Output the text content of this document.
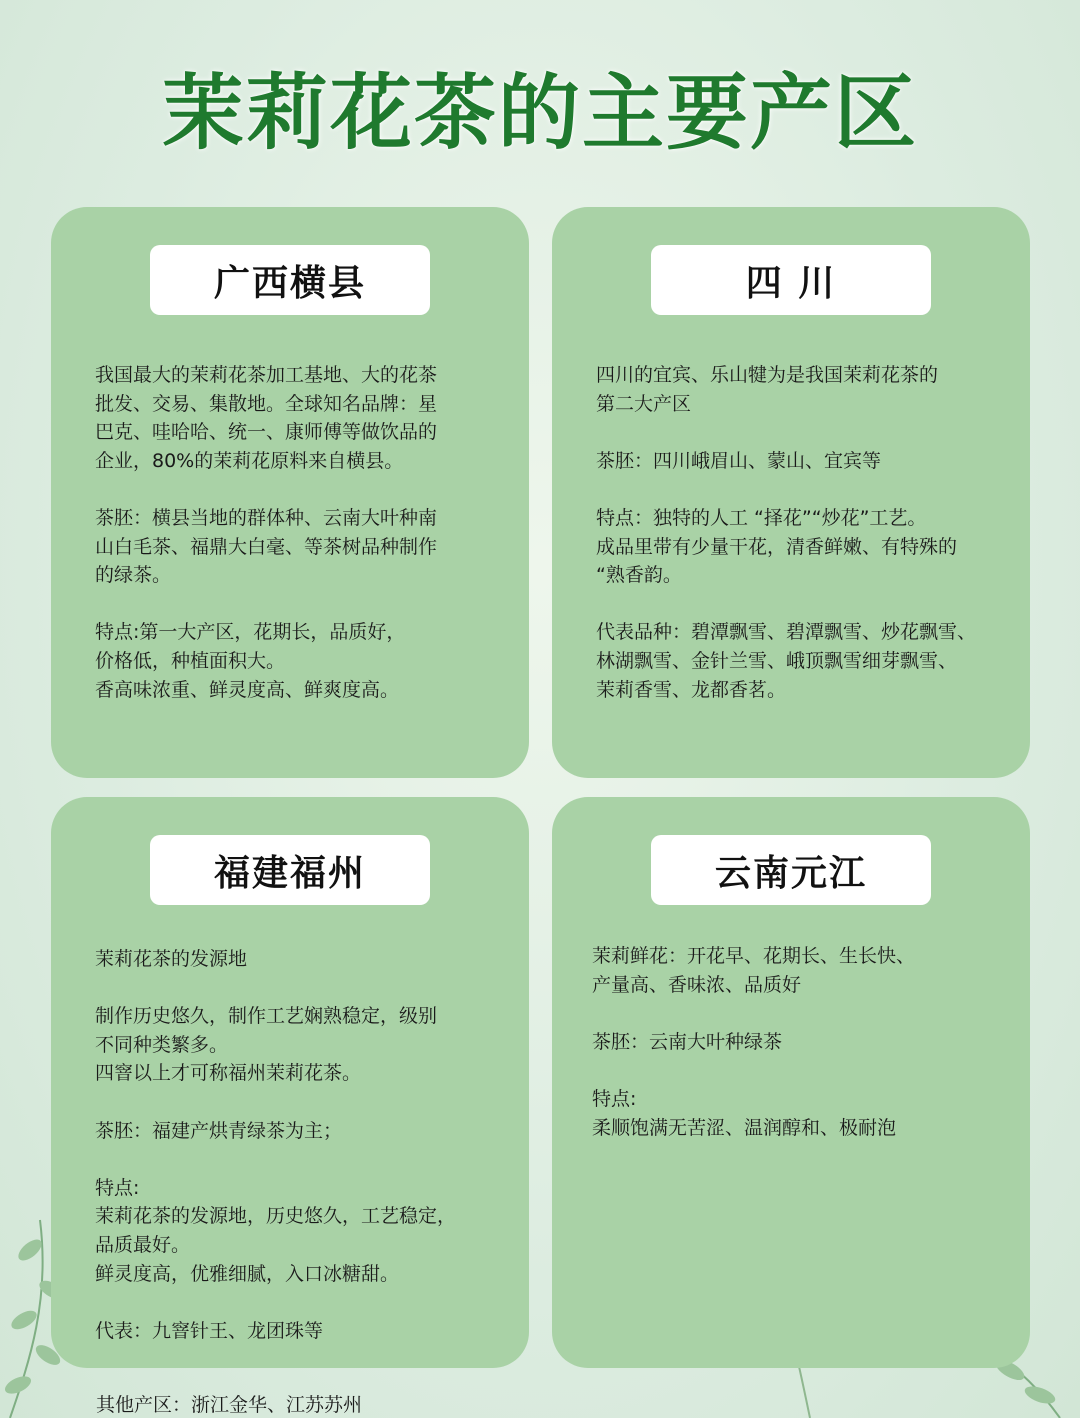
茉莉花茶的主要产区
广西横县
我国最大的茉莉花茶加工基地、大的花茶
批发、交易、集散地。全球知名品牌：星
巴克、哇哈哈、统一、康师傅等做饮品的
企业，80%的茉莉花原料来自横县。
茶胚：横县当地的群体种、云南大叶种南
山白毛茶、福鼎大白毫、等茶树品种制作
的绿茶。
特点:第一大产区，花期长，品质好，
价格低，种植面积大。
香高味浓重、鲜灵度高、鲜爽度高。
四 川
四川的宜宾、乐山犍为是我国茉莉花茶的
第二大产区
茶胚：四川峨眉山、蒙山、宜宾等
特点：独特的人工 “择花”“炒花”工艺。
成品里带有少量干花，清香鲜嫩、有特殊的
“熟香韵。
代表品种：碧潭飘雪、碧潭飘雪、炒花飘雪、
林湖飘雪、金针兰雪、峨顶飘雪细芽飘雪、
茉莉香雪、龙都香茗。
福建福州
茉莉花茶的发源地
制作历史悠久，制作工艺娴熟稳定，级别
不同种类繁多。
四窨以上才可称福州茉莉花茶。
茶胚：福建产烘青绿茶为主；
特点:
茉莉花茶的发源地，历史悠久，工艺稳定，
品质最好。
鲜灵度高，优雅细腻，入口冰糖甜。
代表：九窨针王、龙团珠等
云南元江
茉莉鲜花：开花早、花期长、生长快、
产量高、香味浓、品质好
茶胚：云南大叶种绿茶
特点:
柔顺饱满无苦涩、温润醇和、极耐泡
其他产区：浙江金华、江苏苏州
